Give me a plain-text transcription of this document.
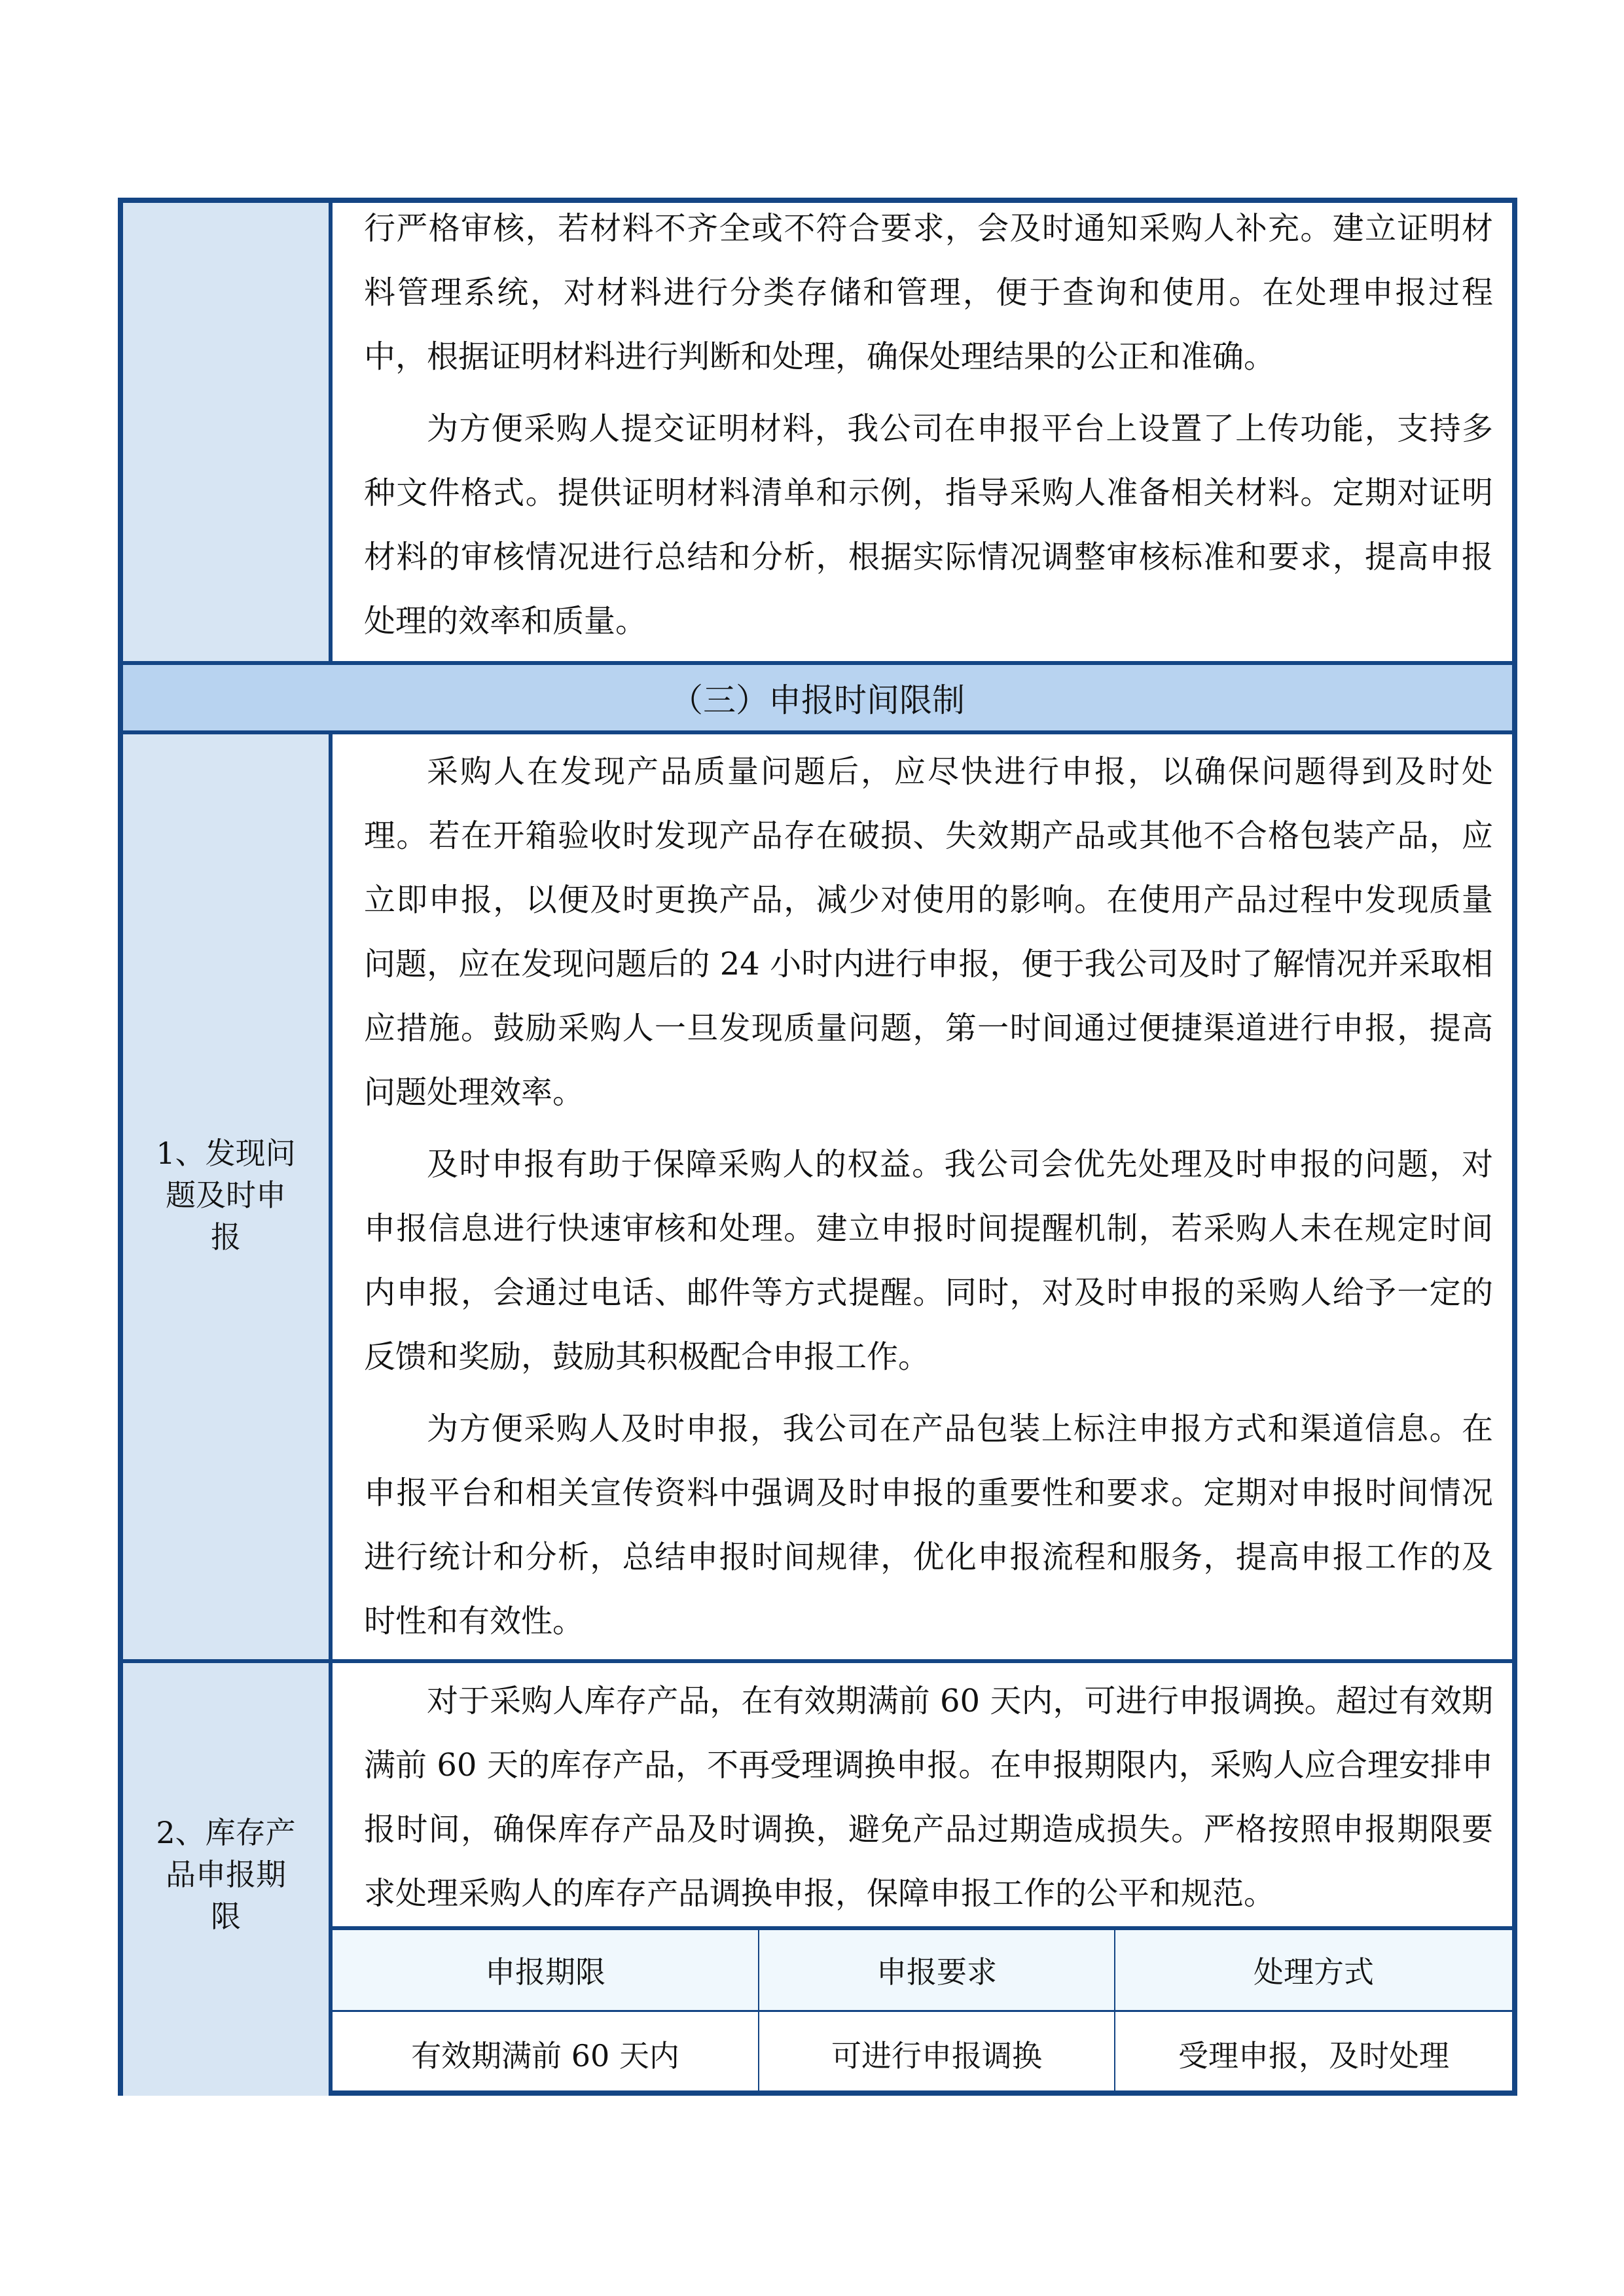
行严格审核，若材料不齐全或不符合要求，会及时通知采购人补充。建立证明材料管理系统，对材料进行分类存储和管理，便于查询和使用。在处理申报过程中，根据证明材料进行判断和处理，确保处理结果的公正和准确。

为方便采购人提交证明材料，我公司在申报平台上设置了上传功能，支持多种文件格式。提供证明材料清单和示例，指导采购人准备相关材料。定期对证明材料的审核情况进行总结和分析，根据实际情况调整审核标准和要求，提高申报处理的效率和质量。

（三）申报时间限制
1、发现问题及时申报

采购人在发现产品质量问题后，应尽快进行申报，以确保问题得到及时处理。若在开箱验收时发现产品存在破损、失效期产品或其他不合格包装产品，应立即申报，以便及时更换产品，减少对使用的影响。在使用产品过程中发现质量问题，应在发现问题后的 24 小时内进行申报，便于我公司及时了解情况并采取相应措施。鼓励采购人一旦发现质量问题，第一时间通过便捷渠道进行申报，提高问题处理效率。

及时申报有助于保障采购人的权益。我公司会优先处理及时申报的问题，对申报信息进行快速审核和处理。建立申报时间提醒机制，若采购人未在规定时间内申报，会通过电话、邮件等方式提醒。同时，对及时申报的采购人给予一定的反馈和奖励，鼓励其积极配合申报工作。

为方便采购人及时申报，我公司在产品包装上标注申报方式和渠道信息。在申报平台和相关宣传资料中强调及时申报的重要性和要求。定期对申报时间情况进行统计和分析，总结申报时间规律，优化申报流程和服务，提高申报工作的及时性和有效性。

2、库存产品申报期限

对于采购人库存产品，在有效期满前 60 天内，可进行申报调换。超过有效期满前 60 天的库存产品，不再受理调换申报。在申报期限内，采购人应合理安排申报时间，确保库存产品及时调换，避免产品过期造成损失。严格按照申报期限要求处理采购人的库存产品调换申报，保障申报工作的公平和规范。

申报期限	申报要求	处理方式
有效期满前 60 天内	可进行申报调换	受理申报，及时处理
